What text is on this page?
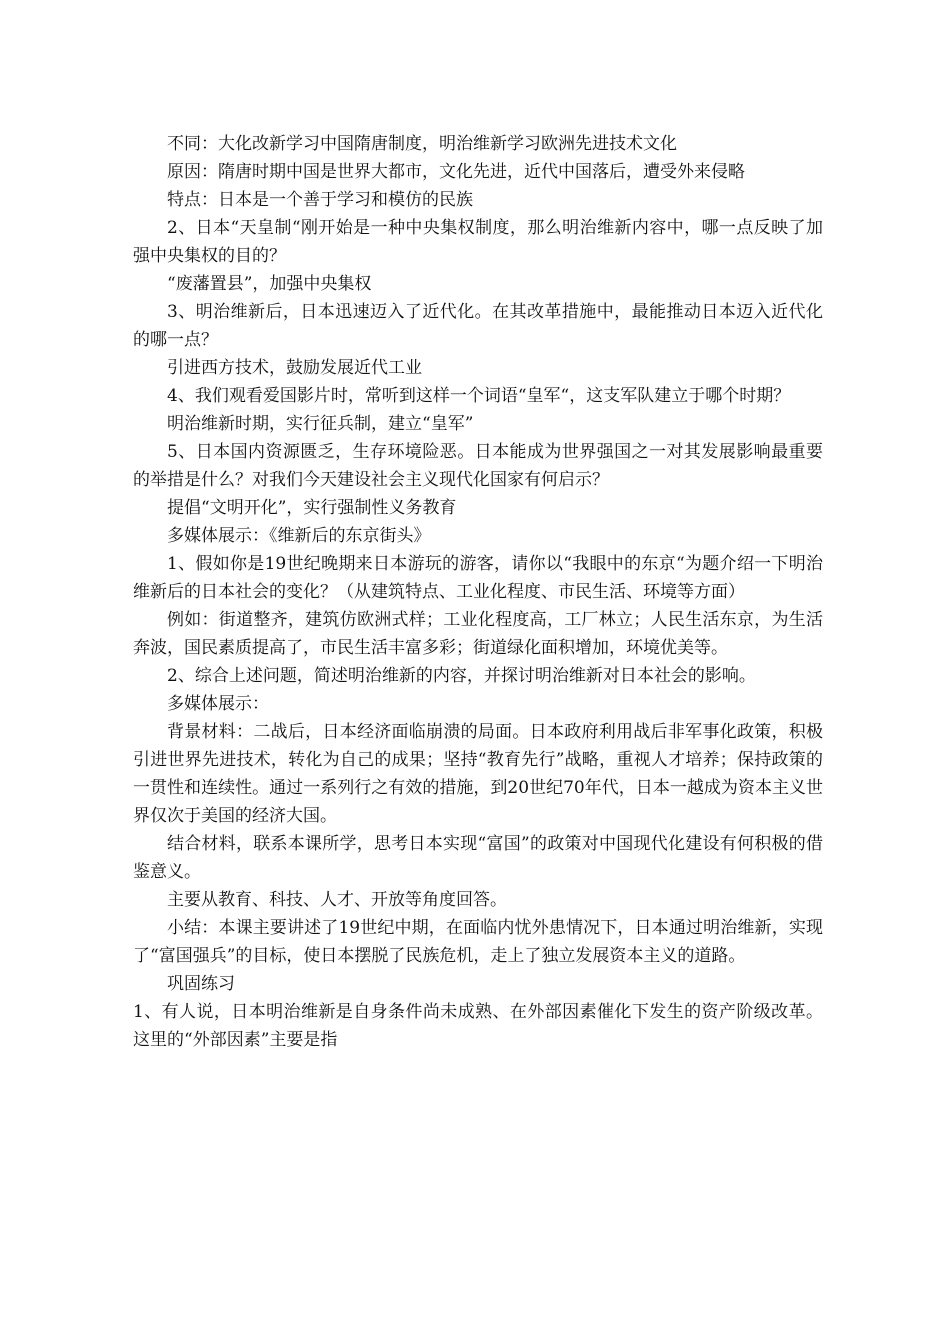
不同：大化改新学习中国隋唐制度，明治维新学习欧洲先进技术文化

原因：隋唐时期中国是世界大都市，文化先进，近代中国落后，遭受外来侵略

特点：日本是一个善于学习和模仿的民族

2、日本“天皇制“刚开始是一种中央集权制度，那么明治维新内容中，哪一点反映了加强中央集权的目的？

“废藩置县”，加强中央集权

3、明治维新后，日本迅速迈入了近代化。在其改革措施中，最能推动日本迈入近代化的哪一点？

引进西方技术，鼓励发展近代工业

4、我们观看爱国影片时，常听到这样一个词语“皇军“，这支军队建立于哪个时期？

明治维新时期，实行征兵制，建立“皇军”

5、日本国内资源匮乏，生存环境险恶。日本能成为世界强国之一对其发展影响最重要的举措是什么？对我们今天建设社会主义现代化国家有何启示？

提倡“文明开化”，实行强制性义务教育

多媒体展示：《维新后的东京街头》

1、假如你是19世纪晚期来日本游玩的游客，请你以“我眼中的东京“为题介绍一下明治维新后的日本社会的变化？（从建筑特点、工业化程度、市民生活、环境等方面）

例如：街道整齐，建筑仿欧洲式样；工业化程度高，工厂林立；人民生活东京，为生活奔波，国民素质提高了，市民生活丰富多彩；街道绿化面积增加，环境优美等。

2、综合上述问题，简述明治维新的内容，并探讨明治维新对日本社会的影响。

多媒体展示：

背景材料：二战后，日本经济面临崩溃的局面。日本政府利用战后非军事化政策，积极引进世界先进技术，转化为自己的成果；坚持“教育先行”战略，重视人才培养；保持政策的一贯性和连续性。通过一系列行之有效的措施，到20世纪70年代，日本一越成为资本主义世界仅次于美国的经济大国。

结合材料，联系本课所学，思考日本实现“富国”的政策对中国现代化建设有何积极的借鉴意义。

主要从教育、科技、人才、开放等角度回答。

小结：本课主要讲述了19世纪中期，在面临内忧外患情况下，日本通过明治维新，实现了“富国强兵”的目标，使日本摆脱了民族危机，走上了独立发展资本主义的道路。

巩固练习

1、有人说，日本明治维新是自身条件尚未成熟、在外部因素催化下发生的资产阶级改革。这里的“外部因素”主要是指
